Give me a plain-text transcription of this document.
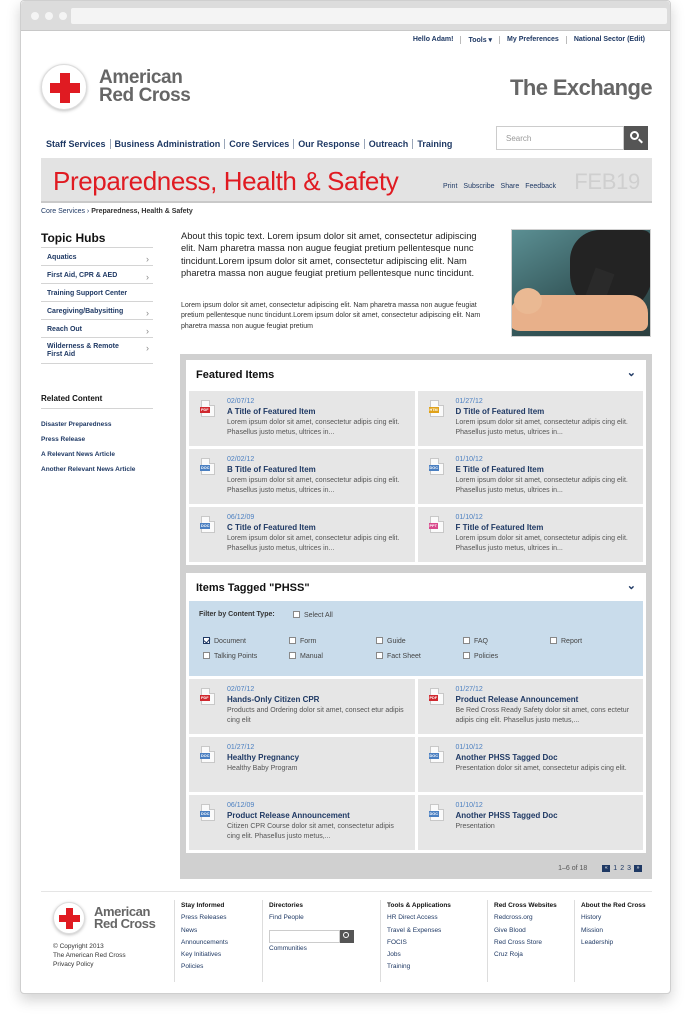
Hello Adam!	Tools ▾	My Preferences	National Sector (Edit)
American
Red Cross	The Exchange
Search
Staff Services	Business Administration	Core Services	Our Response	Outreach	Training
Preparedness, Health & Safety	Print Subscribe Share Feedback FEB19
Core Services › Preparedness, Health & Safety
Topic Hubs
Aquatics	›
First Aid, CPR & AED	›
Training Support Center
Caregiving/Babysitting	›
Reach Out	›
Wilderness & Remote First Aid
›
Related Content
Disaster Preparedness
Press Release
A Relevant News Article
Another Relevant News Article
About this topic text. Lorem ipsum dolor sit amet, consectetur adipiscing elit. Nam pharetra massa non augue feugiat pretium pellentesque nunc tincidunt.Lorem ipsum dolor sit amet, consectetur adipiscing elit. Nam pharetra massa non augue feugiat pretium pellentesque nunc tincidunt.
Lorem ipsum dolor sit amet, consectetur adipiscing elit. Nam pharetra massa non augue feugiat pretium pellentesque nunc tincidunt.Lorem ipsum dolor sit amet, consectetur adipiscing elit. Nam pharetra massa non augue feugiat pretium
Featured Items	⌄
PDF
02/07/12
A Title of Featured Item
Lorem ipsum dolor sit amet, consectetur adipis cing elit. Phasellus justo metus, ultrices in...
HTM
01/27/12
D Title of Featured Item
Lorem ipsum dolor sit amet, consectetur adipis cing elit. Phasellus justo metus, ultrices in...
DOC
02/02/12
B Title of Featured Item
Lorem ipsum dolor sit amet, consectetur adipis cing elit. Phasellus justo metus, ultrices in...
DOC
01/10/12
E Title of Featured Item
Lorem ipsum dolor sit amet, consectetur adipis cing elit. Phasellus justo metus, ultrices in...
DOC
06/12/09
C Title of Featured Item
Lorem ipsum dolor sit amet, consectetur adipis cing elit. Phasellus justo metus, ultrices in...
PPT
01/10/12
F Title of Featured Item
Lorem ipsum dolor sit amet, consectetur adipis cing elit. Phasellus justo metus, ultrices in...
Items Tagged "PHSS"	⌄
Filter by Content Type:	Select All
Document	Form	Guide	FAQ	Report
Talking Points	Manual	Fact Sheet	Policies
PDF
02/07/12
Hands-Only Citizen CPR
Products and Ordering dolor sit amet, consect etur adipis cing elit
PDF
01/27/12
Product Release Announcement
Be Red Cross Ready Safety dolor sit amet, cons ectetur adipis cing elit. Phasellus justo metus,...
DOC
01/27/12
Healthy Pregnancy
Healthy Baby Program
DOC
01/10/12
Another PHSS Tagged Doc
Presentation dolor sit amet, consectetur adipis cing elit.
DOC
06/12/09
Product Release Announcement
Citizen CPR Course dolor sit amet, consectetur adipis cing elit. Phasellus justo metus,...
DOC
01/10/12
Another PHSS Tagged Doc
Presentation
1–6 of 18	« 1 2 3	»
American
Red Cross
© Copyright 2013
The American Red Cross
Privacy Policy
Stay Informed
Press Releases
News
Announcements
Key Initiatives
Policies
Directories
Find People
Communities
Tools & Applications
HR Direct Access
Travel & Expenses
FOCIS
Jobs
Training
Red Cross Websites
Redcross.org
Give Blood
Red Cross Store
Cruz Roja
About the Red Cross
History
Mission
Leadership
